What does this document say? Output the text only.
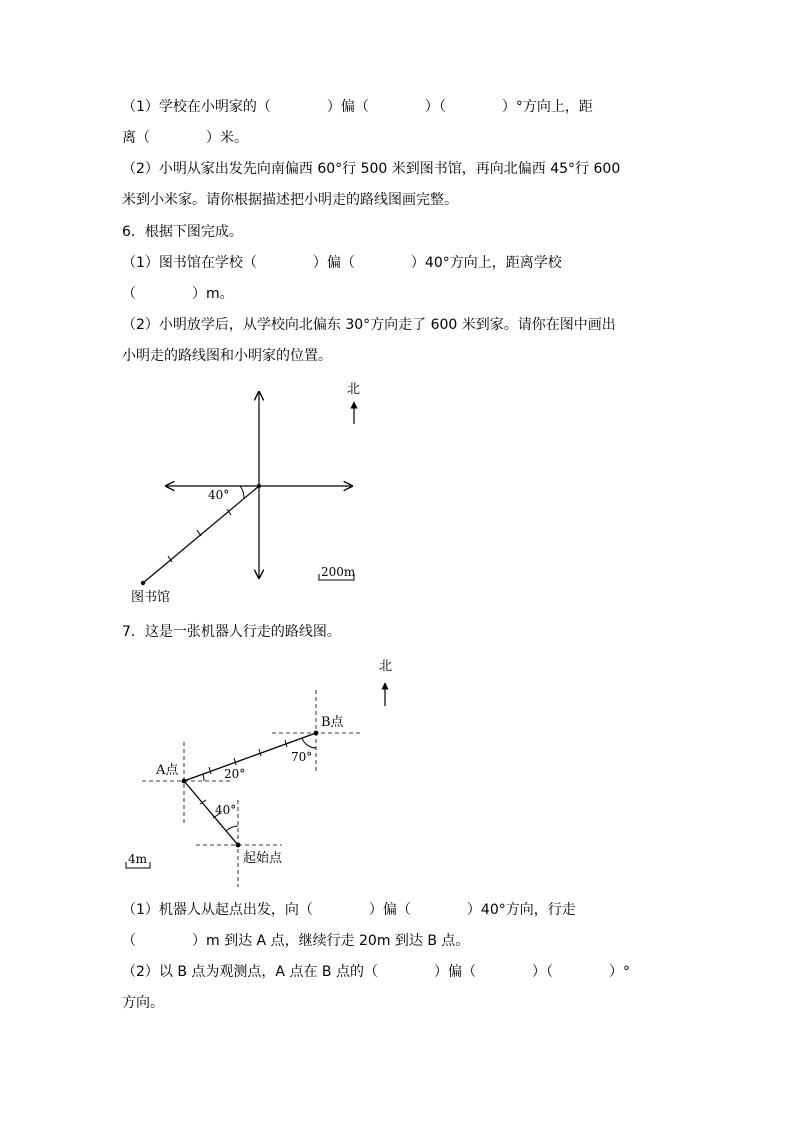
（1）学校在小明家的（　　　　）偏（　　　　）（　　　　）°方向上，距
离（　　　　）米。
（2）小明从家出发先向南偏西 60°行 500 米到图书馆，再向北偏西 45°行 600
米到小米家。请你根据描述把小明走的路线图画完整。
6．根据下图完成。
（1）图书馆在学校（　　　　）偏（　　　　）40°方向上，距离学校
（　　　　）m。
（2）小明放学后，从学校向北偏东 30°方向走了 600 米到家。请你在图中画出
小明走的路线图和小明家的位置。
40°
北
200m
图书馆
7．这是一张机器人行走的路线图。
北
A点
B点
起始点
20°
70°
40°
4m
（1）机器人从起点出发，向（　　　　）偏（　　　　）40°方向，行走
（　　　　）m 到达 A 点，继续行走 20m 到达 B 点。
（2）以 B 点为观测点，A 点在 B 点的（　　　　）偏（　　　　）（　　　　）°
方向。
